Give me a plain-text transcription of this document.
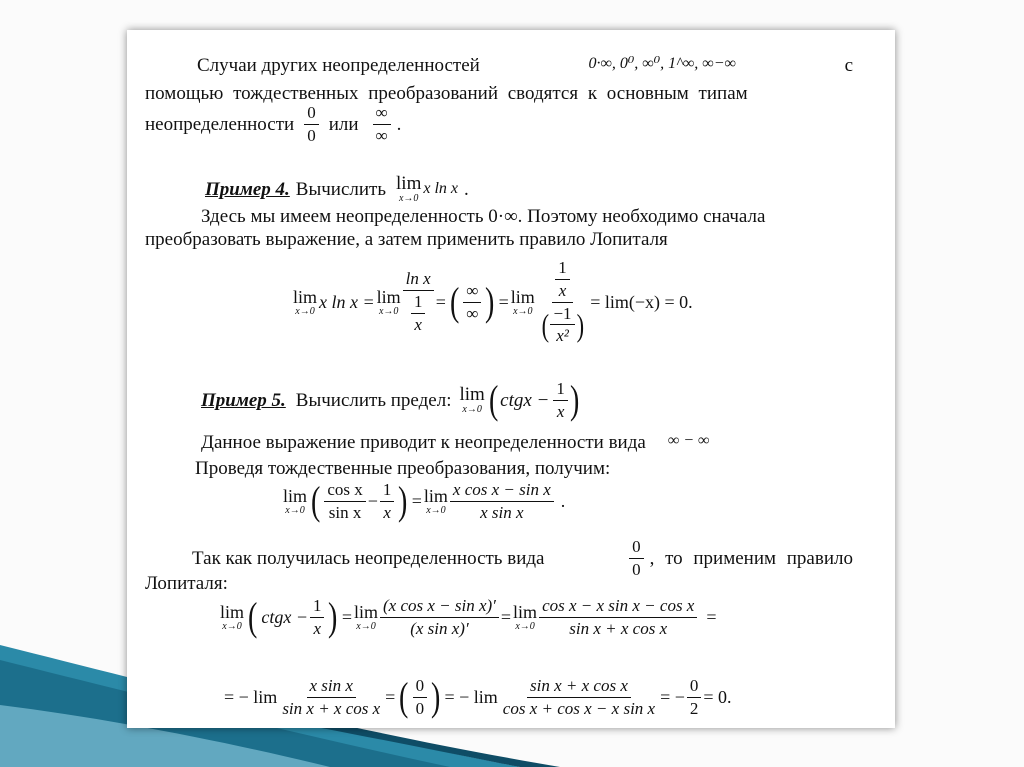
Случаи других неопределенностей	0·∞, 0⁰, ∞⁰, 1^∞, ∞−∞	с
помощью тождественных преобразований сводятся к основным типам
неопределенности $\frac{0}{0}$ или $\frac{\infty}{\infty}$ .
Пример 4. Вычислить lim
x→0
x ln x .
Здесь мы имеем неопределенность 0·∞. Поэтому необходимо сначала
преобразовать выражение, а затем применить правило Лопиталя
lim
x→0 x ln x = lim
$x\to 0 \frac{\text{ln x}}{\frac{1}{x}}$ = ( $\frac{\infty}{\infty}$ ) = lim
$x\to 0 \frac{\frac{1}{x}}{( \frac{-1}{\text{x²}} )} = \lim(-x) = 0$.
Пример 5. Вычислить предел: lim
x→0 ( ctgx − $\frac{1}{x}$ )
Данное выражение приводит к неопределенности вида ∞ − ∞
Проведя тождественные преобразования, получим:
lim
x→0 ( $\frac{\text{cos x}}{\text{sin x}} - \frac{1}{x}$ ) = lim
$x\to 0 \frac{\text{x cos x − sin x}}{\text{x sin x}}$ .
Так как получилась неопределенность вида	$\frac{0}{0}$ , то применим правило
Лопиталя:
lim
x→0 ( ctgx − $\frac{1}{x}$ ) = lim
$x\to 0 \frac{\text{(x cos x − sin x)′}}{\text{(x sin x)′}} = \lim$
$x\to 0 \frac{\text{cos x − x sin x − cos x}}{\text{sin x + x cos x}}$ =
= − $\lim \frac{\text{x sin x}}{\text{sin x + x cos x}}$ = ( $\frac{0}{0}$ ) = − $\lim \frac{\text{sin x + x cos x}}{\text{cos x + cos x − x sin x}}$ = − $\frac{0}{2} = 0$.
